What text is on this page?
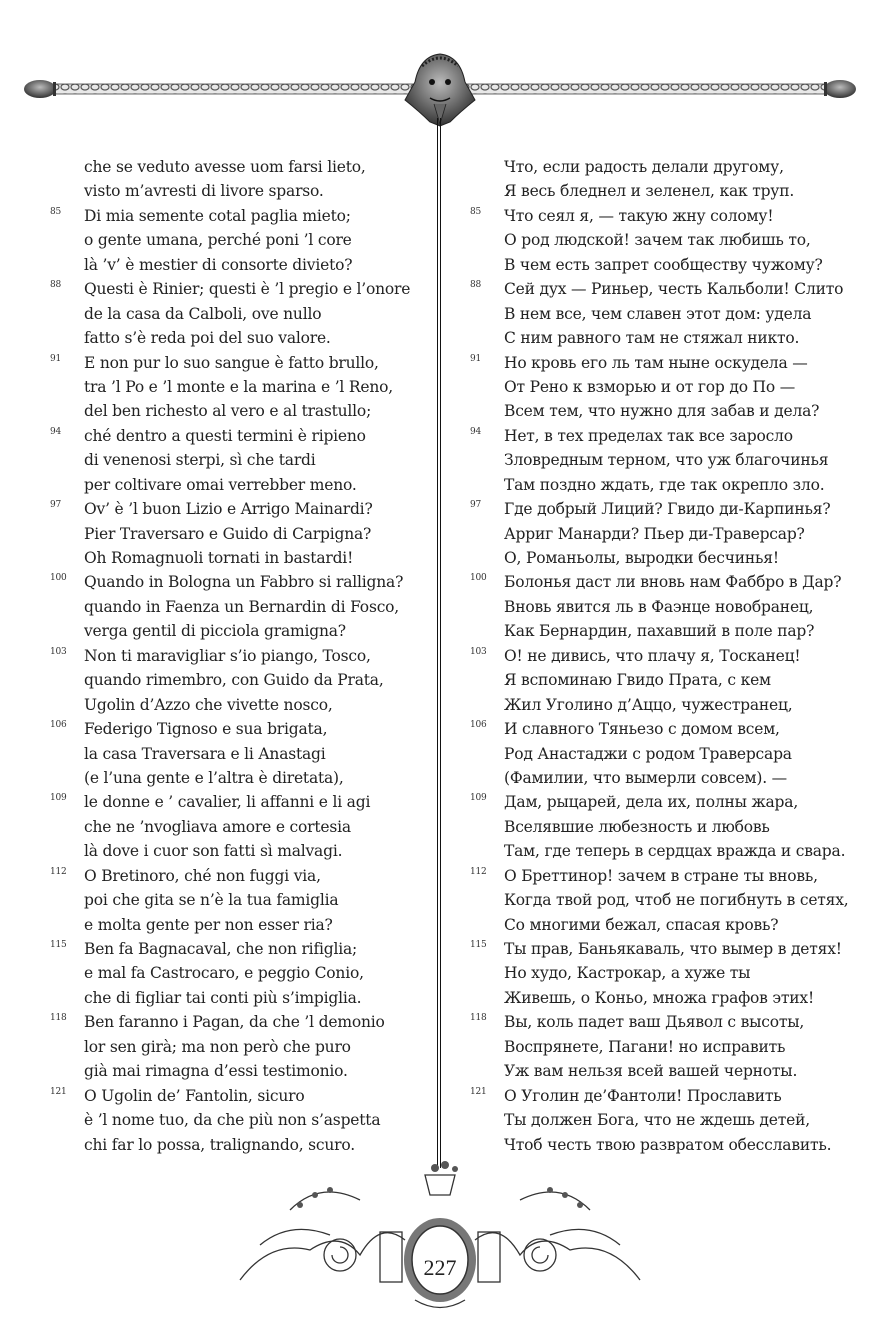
che se veduto avesse uom farsi lieto,
visto m’avresti di livore sparso.
85 Di mia semente cotal paglia mieto;
o gente umana, perché poni ’l core
là ’v’ è mestier di consorte divieto?
88 Questi è Rinier; questi è ’l pregio e l’onore
de la casa da Calboli, ove nullo
fatto s’è reda poi del suo valore.
91 E non pur lo suo sangue è fatto brullo,
tra ’l Po e ’l monte e la marina e ’l Reno,
del ben richesto al vero e al trastullo;
94 ché dentro a questi termini è ripieno
di venenosi sterpi, sì che tardi
per coltivare omai verrebber meno.
97 Ov’ è ’l buon Lizio e Arrigo Mainardi?
Pier Traversaro e Guido di Carpigna?
Oh Romagnuoli tornati in bastardi!
100 Quando in Bologna un Fabbro si ralligna?
quando in Faenza un Bernardin di Fosco,
verga gentil di picciola gramigna?
103 Non ti maravigliar s’io piango, Tosco,
quando rimembro, con Guido da Prata,
Ugolin d’Azzo che vivette nosco,
106 Federigo Tignoso e sua brigata,
la casa Traversara e li Anastagi
(e l’una gente e l’altra è diretata),
109 le donne e ’ cavalier, li affanni e li agi
che ne ’nvogliava amore e cortesia
là dove i cuor son fatti sì malvagi.
112 O Bretinoro, ché non fuggi via,
poi che gita se n’è la tua famiglia
e molta gente per non esser ria?
115 Ben fa Bagnacaval, che non rifiglia;
e mal fa Castrocaro, e peggio Conio,
che di figliar tai conti più s’impiglia.
118 Ben faranno i Pagan, da che ’l demonio
lor sen girà; ma non però che puro
già mai rimagna d’essi testimonio.
121 O Ugolin de’ Fantolin, sicuro
è ’l nome tuo, da che più non s’aspetta
chi far lo possa, tralignando, scuro.
Что, если радость делали другому,
Я весь бледнел и зеленел, как труп.
85 Что сеял я, — такую жну солому!
О род людской! зачем так любишь то,
В чем есть запрет сообществу чужому?
88 Сей дух — Риньер, честь Кальболи! Слито
В нем все, чем славен этот дом: удела
С ним равного там не стяжал никто.
91 Но кровь его ль там ныне оскудела —
От Рено к взморью и от гор до По —
Всем тем, что нужно для забав и дела?
94 Нет, в тех пределах так все заросло
Зловредным терном, что уж благочинья
Там поздно ждать, где так окрепло зло.
97 Где добрый Лиций? Гвидо ди-Карпинья?
Арриг Манарди? Пьер ди-Траверсар?
О, Романьолы, выродки бесчинья!
100 Болонья даст ли вновь нам Фаббро в Дар?
Вновь явится ль в Фаэнце новобранец,
Как Бернардин, пахавший в поле пар?
103 О! не дивись, что плачу я, Тосканец!
Я вспоминаю Гвидо Прата, с кем
Жил Уголино д’Аццо, чужестранец,
106 И славного Тяньезо с домом всем,
Род Анастаджи с родом Траверсара
(Фамилии, что вымерли совсем). —
109 Дам, рыцарей, дела их, полны жара,
Вселявшие любезность и любовь
Там, где теперь в сердцах вражда и свара.
112 О Бреттинор! зачем в стране ты вновь,
Когда твой род, чтоб не погибнуть в сетях,
Со многими бежал, спасая кровь?
115 Ты прав, Баньякаваль, что вымер в детях!
Но худо, Кастрокар, а хуже ты
Живешь, о Коньо, множа графов этих!
118 Вы, коль падет ваш Дьявол с высоты,
Воспрянете, Пагани! но исправить
Уж вам нельзя всей вашей черноты.
121 О Уголин де’Фантоли! Прославить
Ты должен Бога, что не ждешь детей,
Чтоб честь твою развратом обесславить.
227
